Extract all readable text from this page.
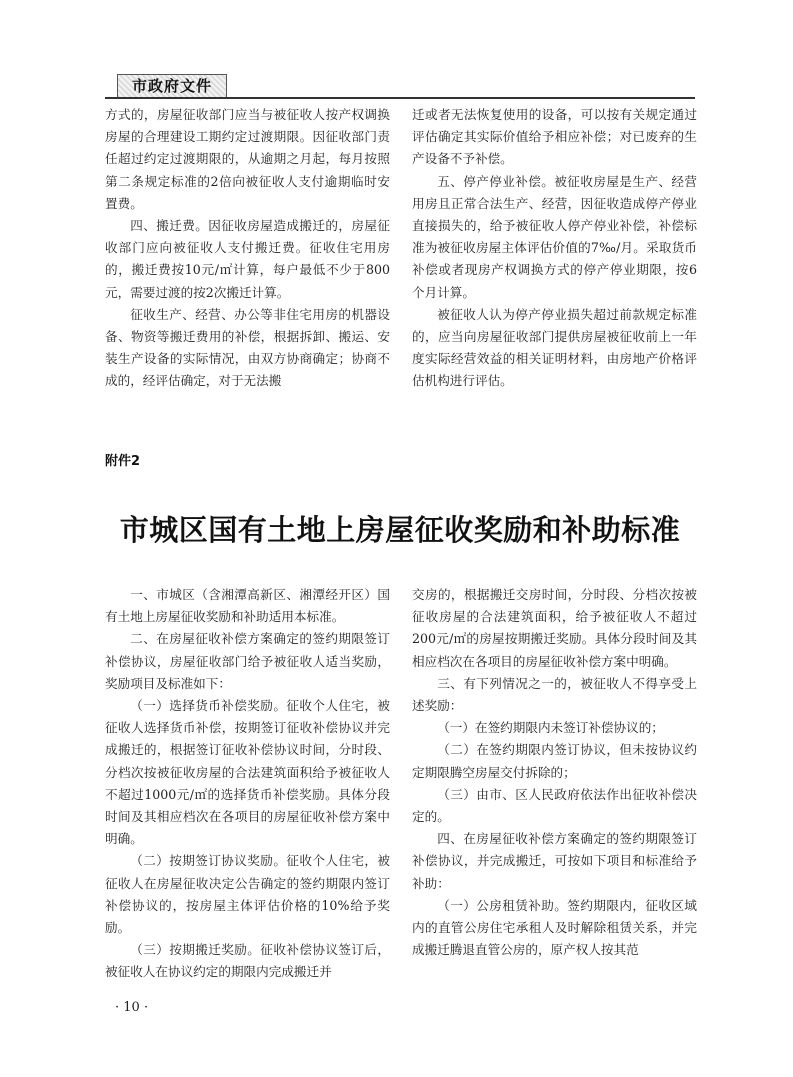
市政府文件

方式的，房屋征收部门应当与被征收人按产权调换房屋的合理建设工期约定过渡期限。因征收部门责任超过约定过渡期限的，从逾期之月起，每月按照第二条规定标准的2倍向被征收人支付逾期临时安置费。

四、搬迁费。因征收房屋造成搬迁的，房屋征收部门应向被征收人支付搬迁费。征收住宅用房的，搬迁费按10元/㎡计算，每户最低不少于800元，需要过渡的按2次搬迁计算。

征收生产、经营、办公等非住宅用房的机器设备、物资等搬迁费用的补偿，根据拆卸、搬运、安装生产设备的实际情况，由双方协商确定；协商不成的，经评估确定，对于无法搬

迁或者无法恢复使用的设备，可以按有关规定通过评估确定其实际价值给予相应补偿；对已废弃的生产设备不予补偿。

五、停产停业补偿。被征收房屋是生产、经营用房且正常合法生产、经营，因征收造成停产停业直接损失的，给予被征收人停产停业补偿，补偿标准为被征收房屋主体评估价值的7‰/月。采取货币补偿或者现房产权调换方式的停产停业期限，按6个月计算。

被征收人认为停产停业损失超过前款规定标准的，应当向房屋征收部门提供房屋被征收前上一年度实际经营效益的相关证明材料，由房地产价格评估机构进行评估。

附件2
市城区国有土地上房屋征收奖励和补助标准

一、市城区（含湘潭高新区、湘潭经开区）国有土地上房屋征收奖励和补助适用本标准。

二、在房屋征收补偿方案确定的签约期限签订补偿协议，房屋征收部门给予被征收人适当奖励，奖励项目及标准如下：

（一）选择货币补偿奖励。征收个人住宅，被征收人选择货币补偿，按期签订征收补偿协议并完成搬迁的，根据签订征收补偿协议时间，分时段、分档次按被征收房屋的合法建筑面积给予被征收人不超过1000元/㎡的选择货币补偿奖励。具体分段时间及其相应档次在各项目的房屋征收补偿方案中明确。

（二）按期签订协议奖励。征收个人住宅，被征收人在房屋征收决定公告确定的签约期限内签订补偿协议的，按房屋主体评估价格的10%给予奖励。

（三）按期搬迁奖励。征收补偿协议签订后，被征收人在协议约定的期限内完成搬迁并

交房的，根据搬迁交房时间，分时段、分档次按被征收房屋的合法建筑面积，给予被征收人不超过200元/㎡的房屋按期搬迁奖励。具体分段时间及其相应档次在各项目的房屋征收补偿方案中明确。

三、有下列情况之一的，被征收人不得享受上述奖励：

（一）在签约期限内未签订补偿协议的；

（二）在签约期限内签订协议，但未按协议约定期限腾空房屋交付拆除的；

（三）由市、区人民政府依法作出征收补偿决定的。

四、在房屋征收补偿方案确定的签约期限签订补偿协议，并完成搬迁，可按如下项目和标准给予补助：

（一）公房租赁补助。签约期限内，征收区域内的直管公房住宅承租人及时解除租赁关系，并完成搬迁腾退直管公房的，原产权人按其范

· 10 ·
